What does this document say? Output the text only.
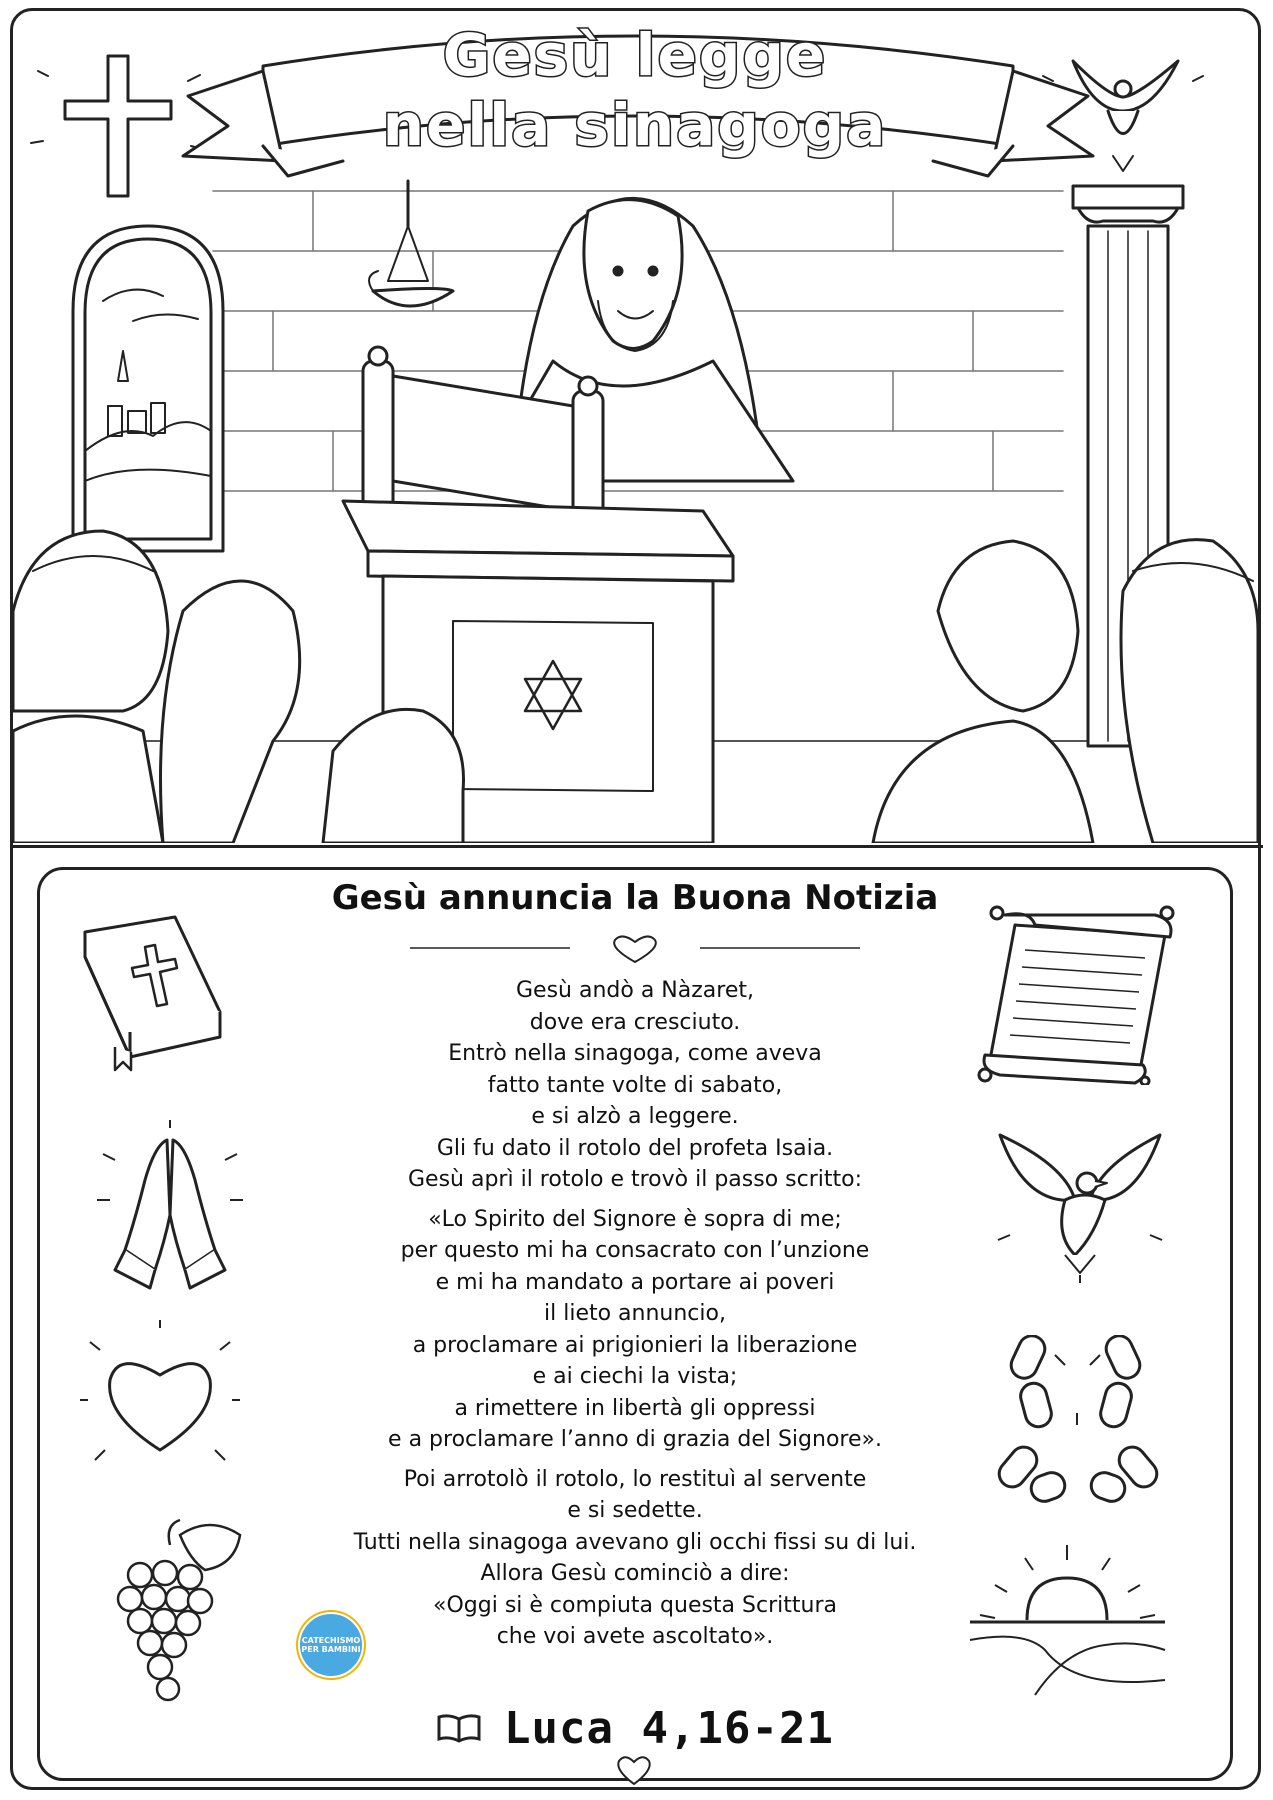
Gesù legge
nella sinagoga
Gesù annuncia la Buona Notizia
Gesù andò a Nàzaret,
dove era cresciuto.
Entrò nella sinagoga, come aveva
fatto tante volte di sabato,
e si alzò a leggere.
Gli fu dato il rotolo del profeta Isaia.
Gesù aprì il rotolo e trovò il passo scritto:
«Lo Spirito del Signore è sopra di me;
per questo mi ha consacrato con l’unzione
e mi ha mandato a portare ai poveri
il lieto annuncio,
a proclamare ai prigionieri la liberazione
e ai ciechi la vista;
a rimettere in libertà gli oppressi
e a proclamare l’anno di grazia del Signore».
Poi arrotolò il rotolo, lo restituì al servente
e si sedette.
Tutti nella sinagoga avevano gli occhi fissi su di lui.
Allora Gesù cominciò a dire:
«Oggi si è compiuta questa Scrittura
che voi avete ascoltato».
Luca 4,16-21
CATECHISMO PER BAMBINI
